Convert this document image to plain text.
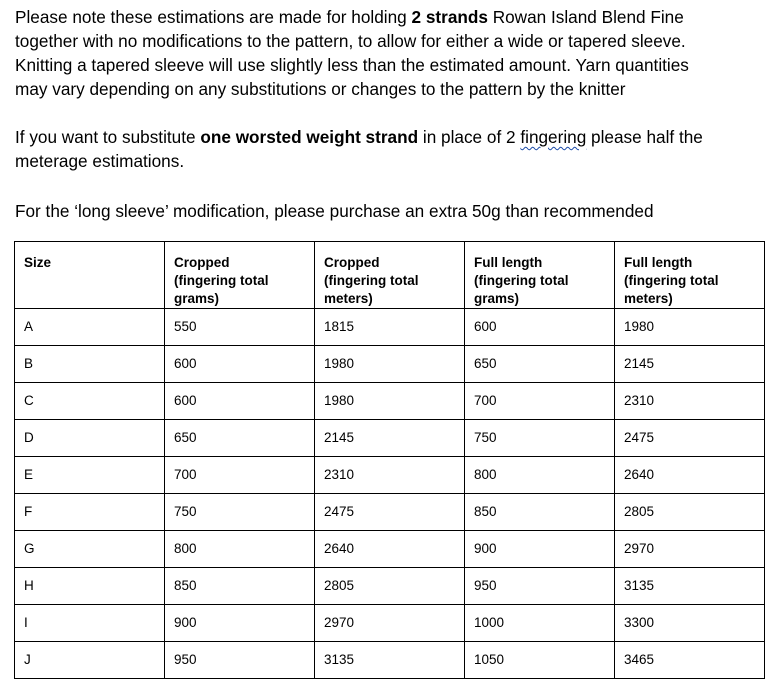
Please note these estimations are made for holding 2 strands Rowan Island Blend Fine
together with no modifications to the pattern, to allow for either a wide or tapered sleeve.
Knitting a tapered sleeve will use slightly less than the estimated amount. Yarn quantities
may vary depending on any substitutions or changes to the pattern by the knitter

If you want to substitute one worsted weight strand in place of 2 fingering please half the
meterage estimations.

For the ‘long sleeve’ modification, please purchase an extra 50g than recommended

Size	Cropped
(fingering total
grams)	Cropped
(fingering total
meters)	Full length
(fingering total
grams)	Full length
(fingering total
meters)
A	550	1815	600	1980
B	600	1980	650	2145
C	600	1980	700	2310
D	650	2145	750	2475
E	700	2310	800	2640
F	750	2475	850	2805
G	800	2640	900	2970
H	850	2805	950	3135
I	900	2970	1000	3300
J	950	3135	1050	3465
